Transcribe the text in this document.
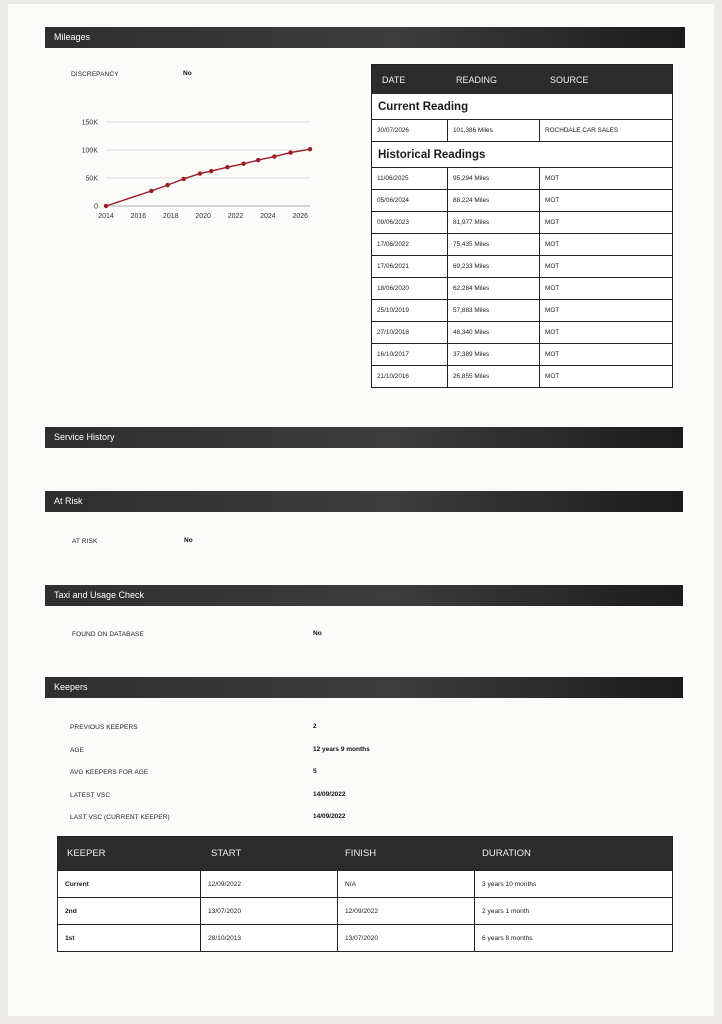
Mileages
DISCREPANCY	No
0
50K
100K
150K
2014 2016 2018 2020 2022 2024 2026
DATE	READING	SOURCE
Current Reading
30/07/2026	101,386 Miles	ROCHDALE CAR SALES
Historical Readings
11/06/2025	95,294 Miles	MOT
05/06/2024	88,224 Miles	MOT
09/06/2023	81,977 Miles	MOT
17/06/2022	75,435 Miles	MOT
17/06/2021	69,233 Miles	MOT
18/06/2020	62,284 Miles	MOT
25/10/2019	57,883 Miles	MOT
27/10/2018	48,340 Miles	MOT
16/10/2017	37,389 Miles	MOT
21/10/2016	26,855 Miles	MOT
Service History
At Risk
AT RISK	No
Taxi and Usage Check
FOUND ON DATABASE	No
Keepers
PREVIOUS KEEPERS	2
AGE	12 years 9 months
AVG KEEPERS FOR AGE	5
LATEST VSC	14/09/2022
LAST VSC (CURRENT KEEPER)	14/09/2022
KEEPER	START	FINISH	DURATION
Current	12/09/2022	N/A	3 years 10 months
2nd	13/07/2020	12/09/2022	2 years 1 month
1st	28/10/2013	13/07/2020	6 years 8 months
